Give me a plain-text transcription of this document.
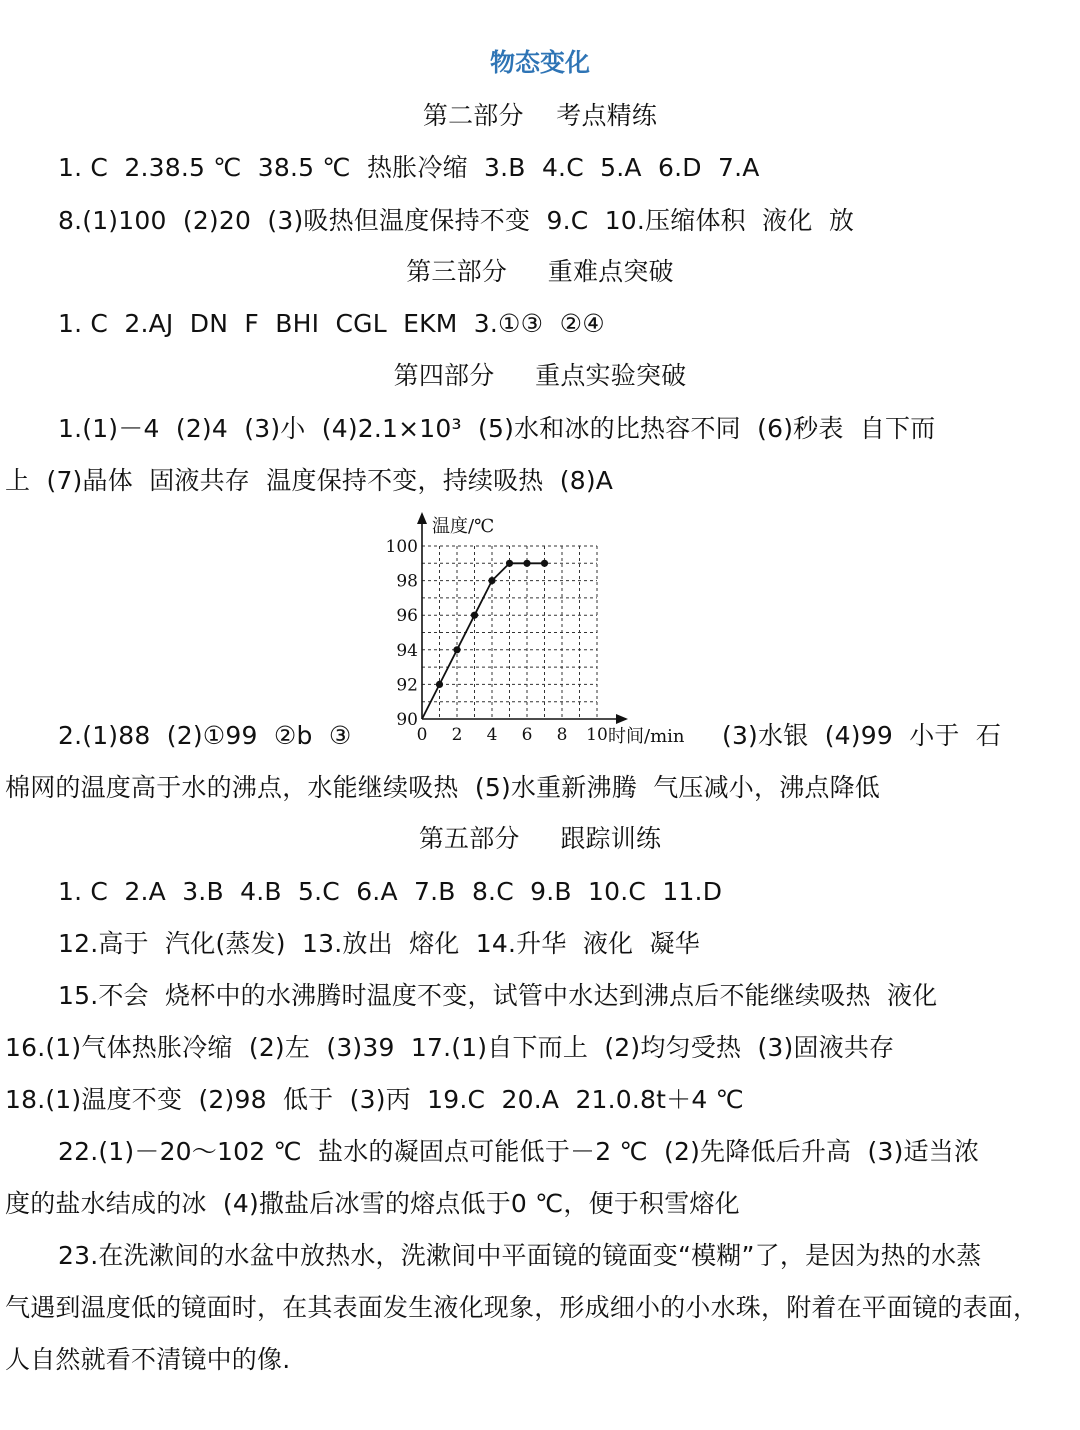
物态变化
第二部分    考点精练
1. C  2.38.5 ℃  38.5 ℃  热胀冷缩  3.B  4.C  5.A  6.D  7.A
8.(1)100  (2)20  (3)吸热但温度保持不变  9.C  10.压缩体积  液化  放
第三部分     重难点突破
1. C  2.AJ  DN  F  BHI  CGL  EKM  3.①③  ②④
第四部分     重点实验突破
1.(1)－4  (2)4  (3)小  (4)2.1×10³  (5)水和冰的比热容不同  (6)秒表  自下而
上  (7)晶体  固液共存  温度保持不变，持续吸热  (8)A
0 2 4 6 8 10
90
92
94
96
98
100
温度/℃
时间/min
2.(1)88  (2)①99  ②b  ③	(3)水银  (4)99  小于  石
棉网的温度高于水的沸点，水能继续吸热  (5)水重新沸腾  气压减小，沸点降低
第五部分     跟踪训练
1. C  2.A  3.B  4.B  5.C  6.A  7.B  8.C  9.B  10.C  11.D
12.高于  汽化(蒸发)  13.放出  熔化  14.升华  液化  凝华
15.不会  烧杯中的水沸腾时温度不变，试管中水达到沸点后不能继续吸热  液化
16.(1)气体热胀冷缩  (2)左  (3)39  17.(1)自下而上  (2)均匀受热  (3)固液共存
18.(1)温度不变  (2)98  低于  (3)丙  19.C  20.A  21.0.8t＋4 ℃
22.(1)－20～102 ℃  盐水的凝固点可能低于－2 ℃  (2)先降低后升高  (3)适当浓
度的盐水结成的冰  (4)撒盐后冰雪的熔点低于0 ℃，便于积雪熔化
23.在洗漱间的水盆中放热水，洗漱间中平面镜的镜面变“模糊”了，是因为热的水蒸
气遇到温度低的镜面时，在其表面发生液化现象，形成细小的小水珠，附着在平面镜的表面，
人自然就看不清镜中的像.
